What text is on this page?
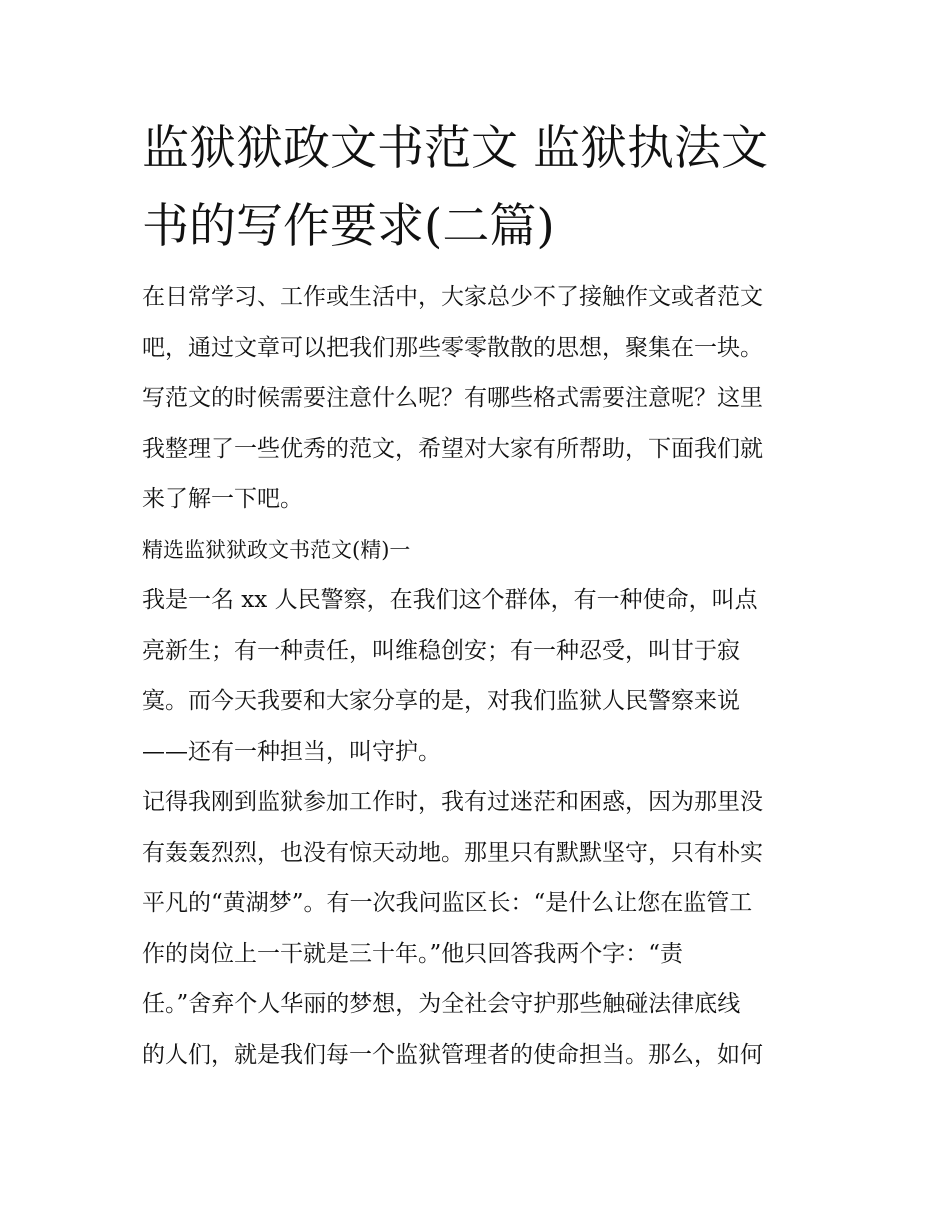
监狱狱政文书范文 监狱执法文
书的写作要求(二篇)
在日常学习、工作或生活中，大家总少不了接触作文或者范文
吧，通过文章可以把我们那些零零散散的思想，聚集在一块。
写范文的时候需要注意什么呢？有哪些格式需要注意呢？这里
我整理了一些优秀的范文，希望对大家有所帮助，下面我们就
来了解一下吧。
精选监狱狱政文书范文(精)一
我是一名 xx 人民警察，在我们这个群体，有一种使命，叫点
亮新生；有一种责任，叫维稳创安；有一种忍受，叫甘于寂
寞。而今天我要和大家分享的是，对我们监狱人民警察来说
——还有一种担当，叫守护。
记得我刚到监狱参加工作时，我有过迷茫和困惑，因为那里没
有轰轰烈烈，也没有惊天动地。那里只有默默坚守，只有朴实
平凡的“黄湖梦”。有一次我问监区长：“是什么让您在监管工
作的岗位上一干就是三十年。”他只回答我两个字：“责
任。”舍弃个人华丽的梦想，为全社会守护那些触碰法律底线
的人们，就是我们每一个监狱管理者的使命担当。那么，如何
